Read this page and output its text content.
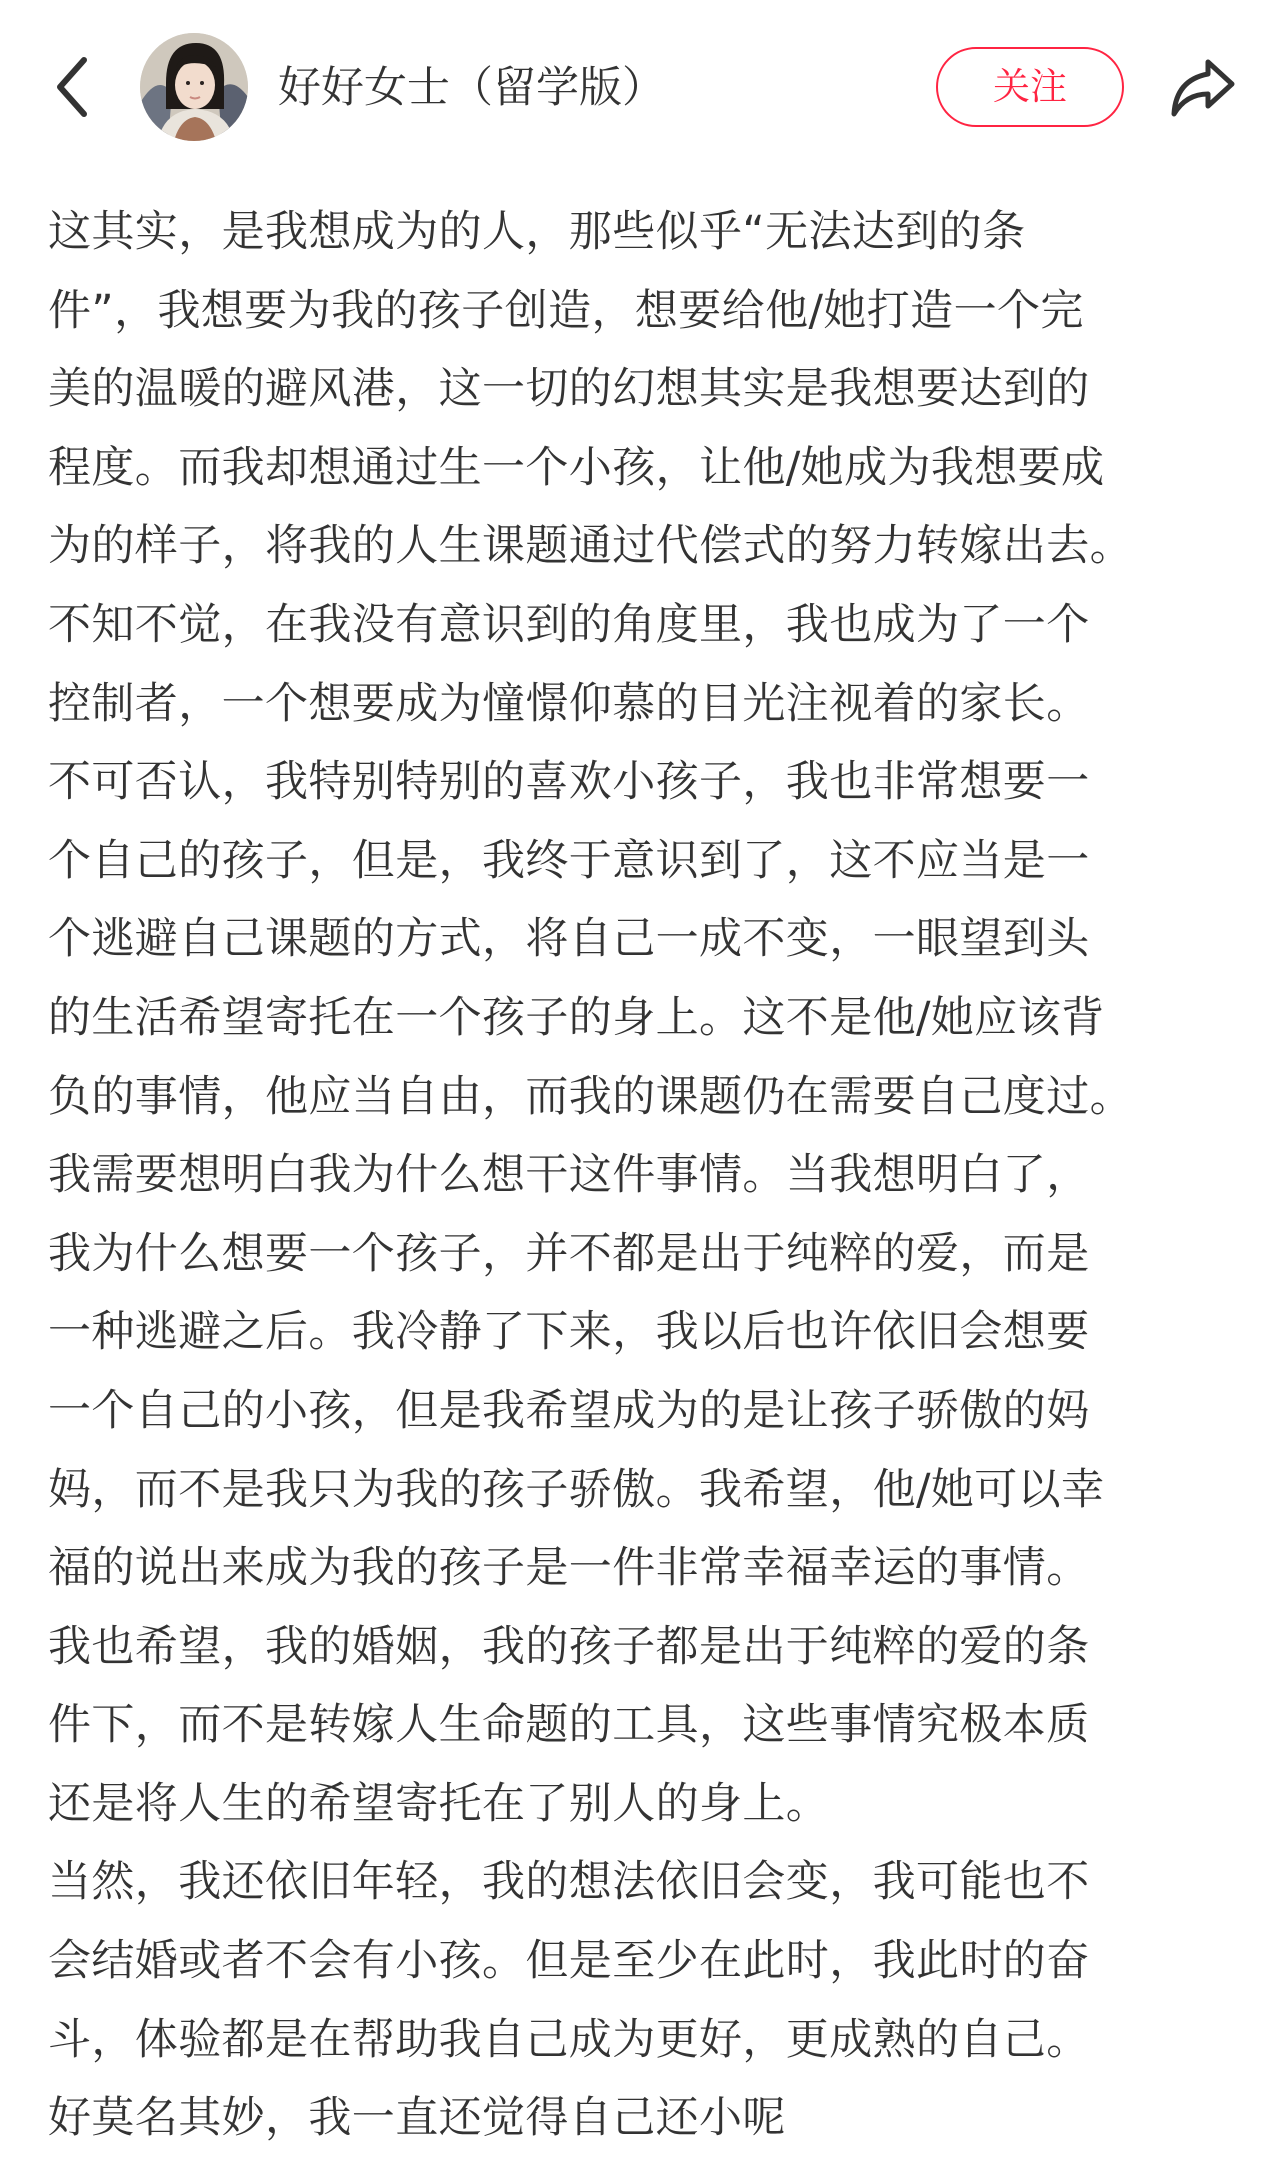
好好女士（留学版）	关注

这其实，是我想成为的人，那些似乎“无法达到的条

件”，我想要为我的孩子创造，想要给他/她打造一个完

美的温暖的避风港，这一切的幻想其实是我想要达到的

程度。而我却想通过生一个小孩，让他/她成为我想要成

为的样子，将我的人生课题通过代偿式的努力转嫁出去。

不知不觉，在我没有意识到的角度里，我也成为了一个

控制者，一个想要成为憧憬仰慕的目光注视着的家长。

不可否认，我特别特别的喜欢小孩子，我也非常想要一

个自己的孩子，但是，我终于意识到了，这不应当是一

个逃避自己课题的方式，将自己一成不变，一眼望到头

的生活希望寄托在一个孩子的身上。这不是他/她应该背

负的事情，他应当自由，而我的课题仍在需要自己度过。

我需要想明白我为什么想干这件事情。当我想明白了，

我为什么想要一个孩子，并不都是出于纯粹的爱，而是

一种逃避之后。我冷静了下来，我以后也许依旧会想要

一个自己的小孩，但是我希望成为的是让孩子骄傲的妈

妈，而不是我只为我的孩子骄傲。我希望，他/她可以幸

福的说出来成为我的孩子是一件非常幸福幸运的事情。

我也希望，我的婚姻，我的孩子都是出于纯粹的爱的条

件下，而不是转嫁人生命题的工具，这些事情究极本质

还是将人生的希望寄托在了别人的身上。

当然，我还依旧年轻，我的想法依旧会变，我可能也不

会结婚或者不会有小孩。但是至少在此时，我此时的奋

斗，体验都是在帮助我自己成为更好，更成熟的自己。

好莫名其妙，我一直还觉得自己还小呢
